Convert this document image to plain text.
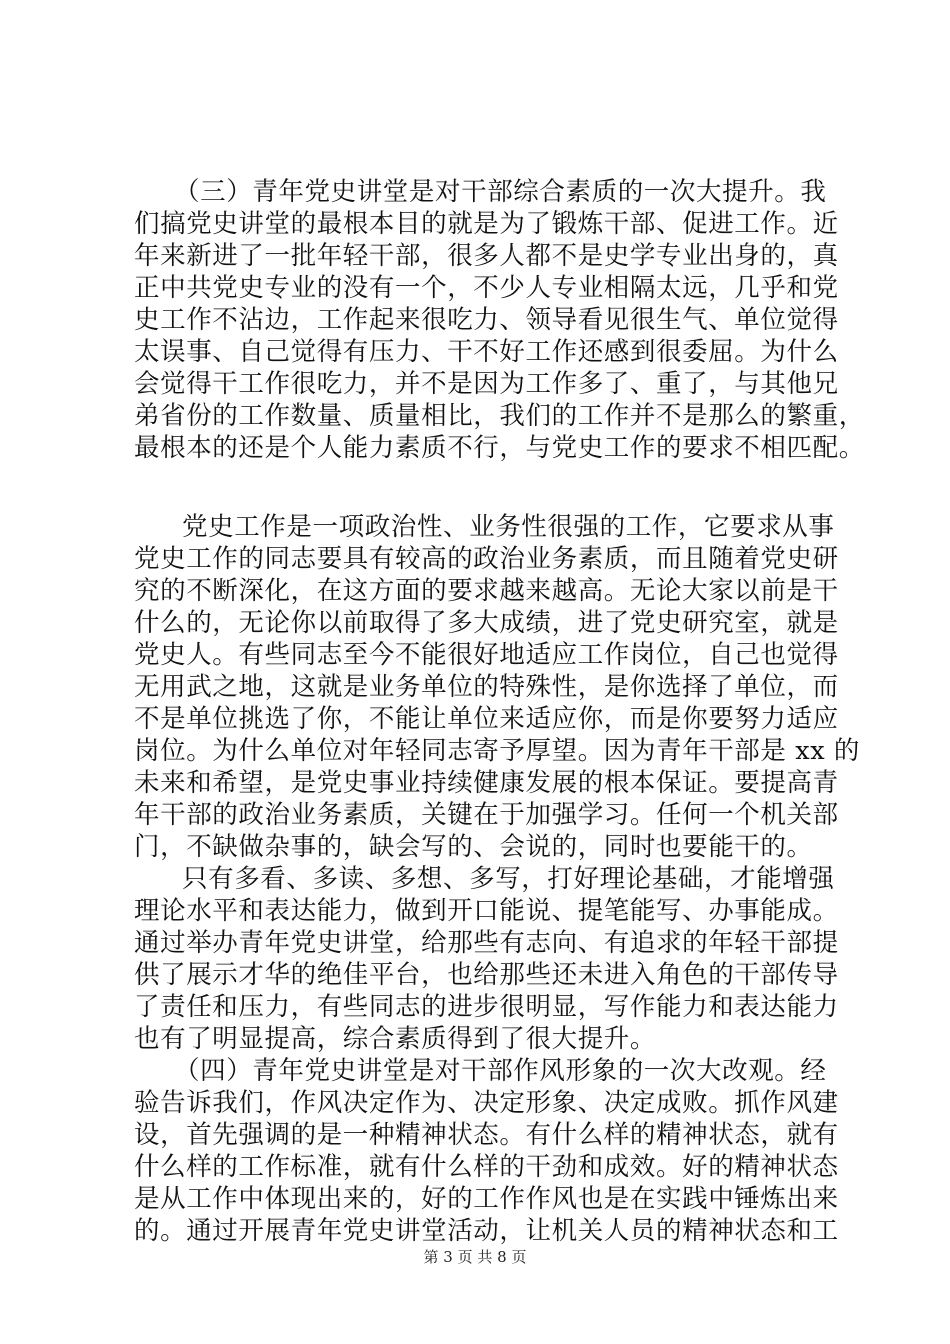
（三）青年党史讲堂是对干部综合素质的一次大提升。我
们搞党史讲堂的最根本目的就是为了锻炼干部、促进工作。近
年来新进了一批年轻干部，很多人都不是史学专业出身的，真
正中共党史专业的没有一个，不少人专业相隔太远，几乎和党
史工作不沾边，工作起来很吃力、领导看见很生气、单位觉得
太误事、自己觉得有压力、干不好工作还感到很委屈。为什么
会觉得干工作很吃力，并不是因为工作多了、重了，与其他兄
弟省份的工作数量、质量相比，我们的工作并不是那么的繁重，
最根本的还是个人能力素质不行，与党史工作的要求不相匹配。
党史工作是一项政治性、业务性很强的工作，它要求从事
党史工作的同志要具有较高的政治业务素质，而且随着党史研
究的不断深化，在这方面的要求越来越高。无论大家以前是干
什么的，无论你以前取得了多大成绩，进了党史研究室，就是
党史人。有些同志至今不能很好地适应工作岗位，自己也觉得
无用武之地，这就是业务单位的特殊性，是你选择了单位，而
不是单位挑选了你，不能让单位来适应你，而是你要努力适应
岗位。为什么单位对年轻同志寄予厚望。因为青年干部是 xx 的
未来和希望，是党史事业持续健康发展的根本保证。要提高青
年干部的政治业务素质，关键在于加强学习。任何一个机关部
门，不缺做杂事的，缺会写的、会说的，同时也要能干的。
只有多看、多读、多想、多写，打好理论基础，才能增强
理论水平和表达能力，做到开口能说、提笔能写、办事能成。
通过举办青年党史讲堂，给那些有志向、有追求的年轻干部提
供了展示才华的绝佳平台，也给那些还未进入角色的干部传导
了责任和压力，有些同志的进步很明显，写作能力和表达能力
也有了明显提高，综合素质得到了很大提升。
（四）青年党史讲堂是对干部作风形象的一次大改观。经
验告诉我们，作风决定作为、决定形象、决定成败。抓作风建
设，首先强调的是一种精神状态。有什么样的精神状态，就有
什么样的工作标准，就有什么样的干劲和成效。好的精神状态
是从工作中体现出来的，好的工作作风也是在实践中锤炼出来
的。通过开展青年党史讲堂活动，让机关人员的精神状态和工
第 3 页 共 8 页
